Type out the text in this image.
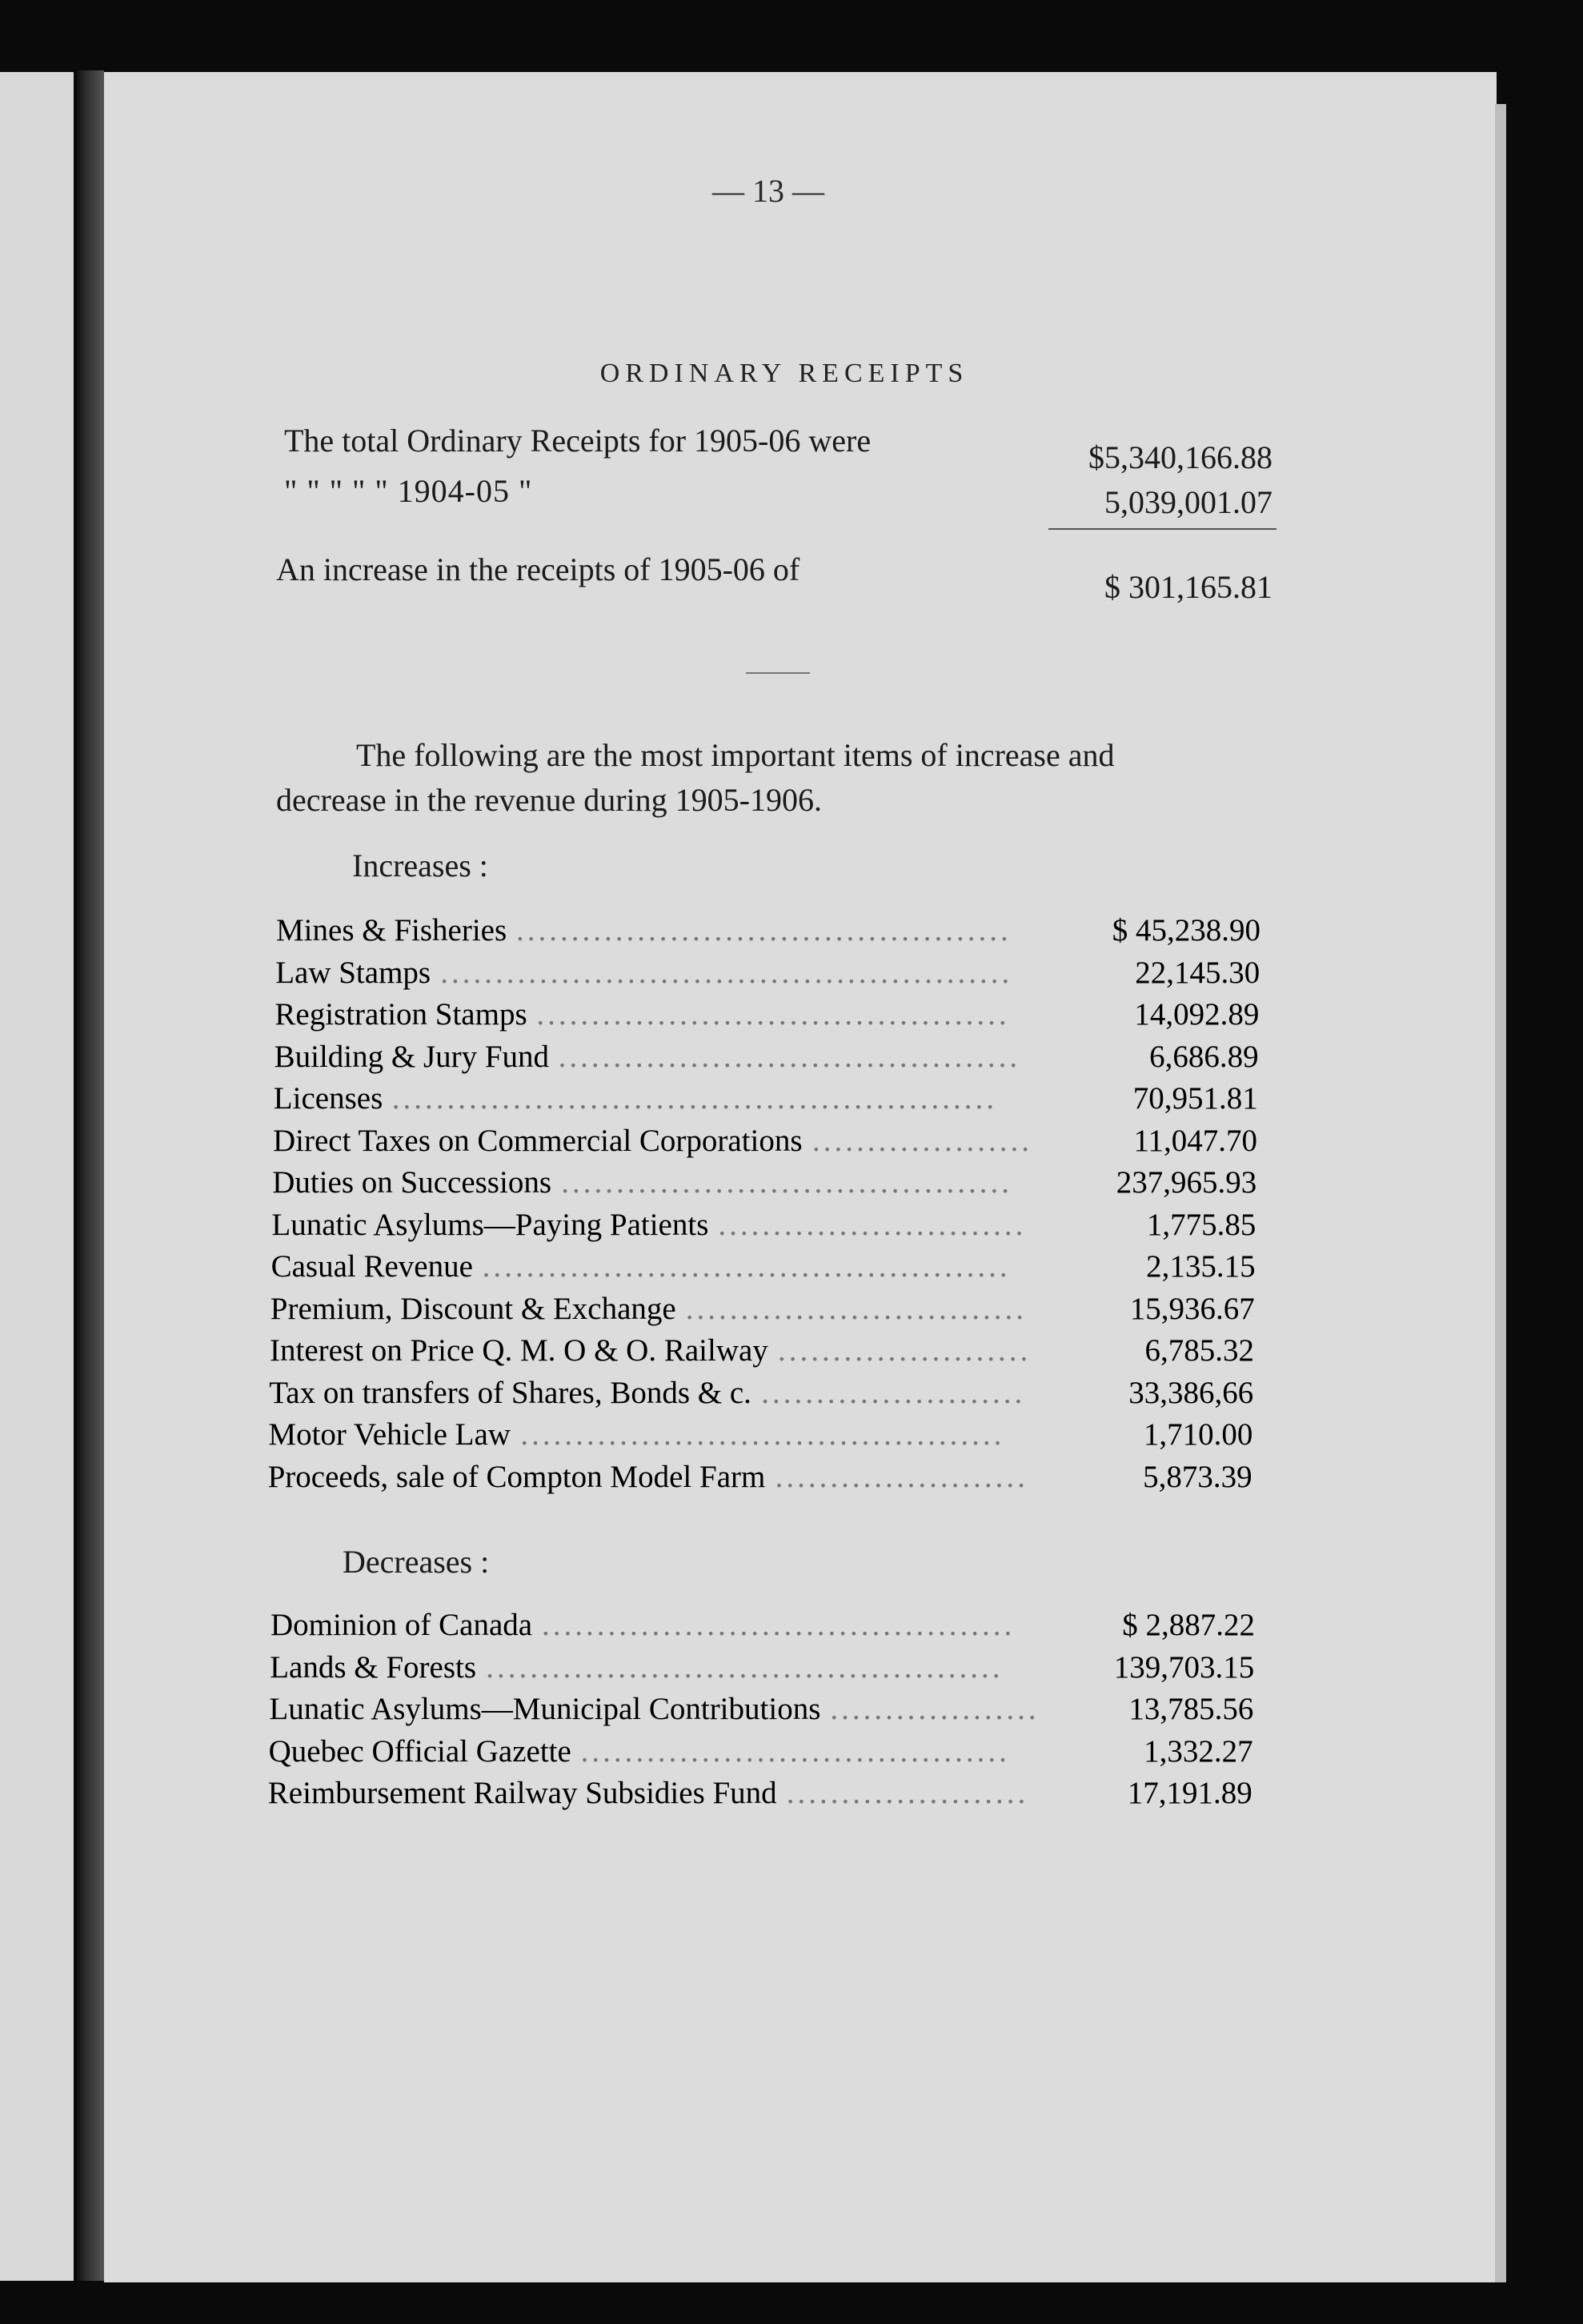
— 13 —
ORDINARY RECEIPTS
The total Ordinary Receipts for 1905-06 were	$5,340,166.88
" " " " " 1904-05 "	5,039,001.07
An increase in the receipts of 1905-06 of	$ 301,165.81
The following are the most important items of increase and
decrease in the revenue during 1905-1906.
Increases :
Mines & Fisheries .............................................	$ 45,238.90
Law Stamps ....................................................	22,145.30
Registration Stamps ...........................................	14,092.89
Building & Jury Fund ..........................................	6,686.89
Licenses .......................................................	70,951.81
Direct Taxes on Commercial Corporations ....................	11,047.70
Duties on Successions .........................................	237,965.93
Lunatic Asylums—Paying Patients ............................	1,775.85
Casual Revenue ................................................	2,135.15
Premium, Discount & Exchange ...............................	15,936.67
Interest on Price Q. M. O & O. Railway .......................	6,785.32
Tax on transfers of Shares, Bonds & c. ........................	33,386,66
Motor Vehicle Law ............................................	1,710.00
Proceeds, sale of Compton Model Farm .......................	5,873.39
Decreases :
Dominion of Canada ...........................................	$ 2,887.22
Lands & Forests ...............................................	139,703.15
Lunatic Asylums—Municipal Contributions ...................	13,785.56
Quebec Official Gazette .......................................	1,332.27
Reimbursement Railway Subsidies Fund ......................	17,191.89
